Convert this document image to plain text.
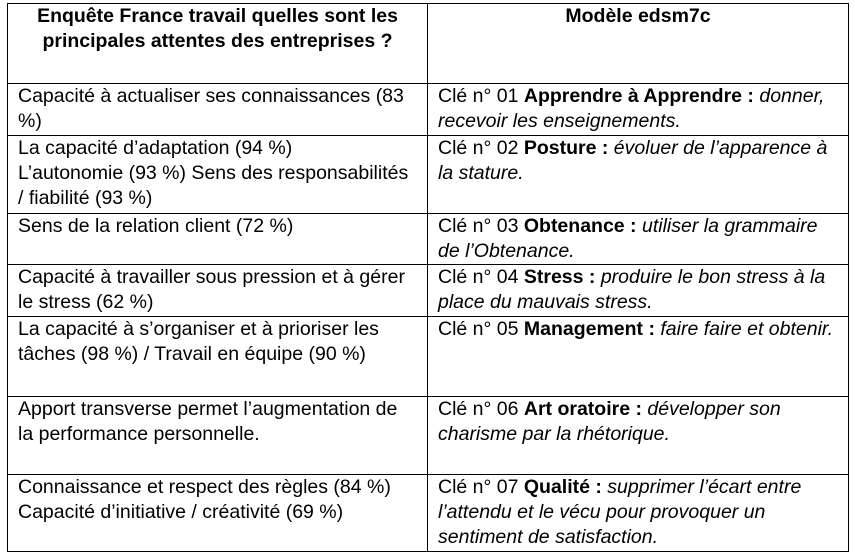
Enquête France travail quelles sont les principales attentes des entreprises ?	Modèle edsm7c

Capacité à actualiser ses connaissances (83 %)	Clé n° 01 Apprendre à Apprendre : donner, recevoir les enseignements.

La capacité d’adaptation (94 %)
L’autonomie (93 %) Sens des responsabilités / fiabilité (93 %)	Clé n° 02 Posture : évoluer de l’apparence à la stature.

Sens de la relation client (72 %)	Clé n° 03 Obtenance : utiliser la grammaire de l’Obtenance.

Capacité à travailler sous pression et à gérer le stress (62 %)	Clé n° 04 Stress : produire le bon stress à la place du mauvais stress.

La capacité à s’organiser et à prioriser les tâches (98 %) / Travail en équipe (90 %)	Clé n° 05 Management : faire faire et obtenir.

Apport transverse permet l’augmentation de la performance personnelle.	Clé n° 06 Art oratoire : développer son charisme par la rhétorique.

Connaissance et respect des règles (84 %)
Capacité d’initiative / créativité (69 %)	Clé n° 07 Qualité : supprimer l’écart entre l’attendu et le vécu pour provoquer un sentiment de satisfaction.
